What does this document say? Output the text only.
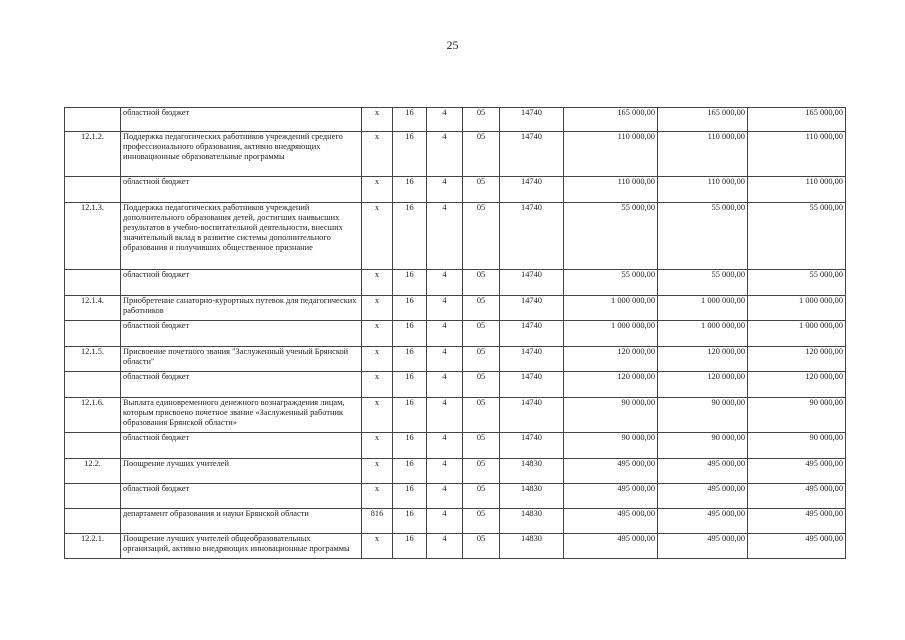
25
	областной бюджет	х	16	4	05	14740	165 000,00	165 000,00	165 000,00
12.1.2.	Поддержка педагогических работников учреждений среднего профессионального образования, активно внедряющих инновационные образовательные программы	х	16	4	05	14740	110 000,00	110 000,00	110 000,00
	областной бюджет	х	16	4	05	14740	110 000,00	110 000,00	110 000,00
12.1.3.	Поддержка педагогических работников учреждений дополнительного образования детей, достигших наивысших результатов в учебно-воспитательной деятельности, внесших значительный вклад в развитие системы дополнительного образования и получивших общественное признание	х	16	4	05	14740	55 000,00	55 000,00	55 000,00
	областной бюджет	х	16	4	05	14740	55 000,00	55 000,00	55 000,00
12.1.4.	Приобретение санаторно-курортных путевок для педагогических работников	х	16	4	05	14740	1 000 000,00	1 000 000,00	1 000 000,00
	областной бюджет	х	16	4	05	14740	1 000 000,00	1 000 000,00	1 000 000,00
12.1.5.	Присвоение почетного звания "Заслуженный ученый Брянской области"	х	16	4	05	14740	120 000,00	120 000,00	120 000,00
	областной бюджет	х	16	4	05	14740	120 000,00	120 000,00	120 000,00
12.1.6.	Выплата единовременного денежного вознаграждения лицам, которым присвоено почетное звание «Заслуженный работник образования Брянской области»	х	16	4	05	14740	90 000,00	90 000,00	90 000,00
	областной бюджет	х	16	4	05	14740	90 000,00	90 000,00	90 000,00
12.2.	Поощрение лучших учителей	х	16	4	05	14830	495 000,00	495 000,00	495 000,00
	областной бюджет	х	16	4	05	14830	495 000,00	495 000,00	495 000,00
	департамент образования и науки Брянской области	816	16	4	05	14830	495 000,00	495 000,00	495 000,00
12.2.1.	Поощрение лучших учителей общеобразовательных организаций, активно внедряющих инновационные программы	х	16	4	05	14830	495 000,00	495 000,00	495 000,00
